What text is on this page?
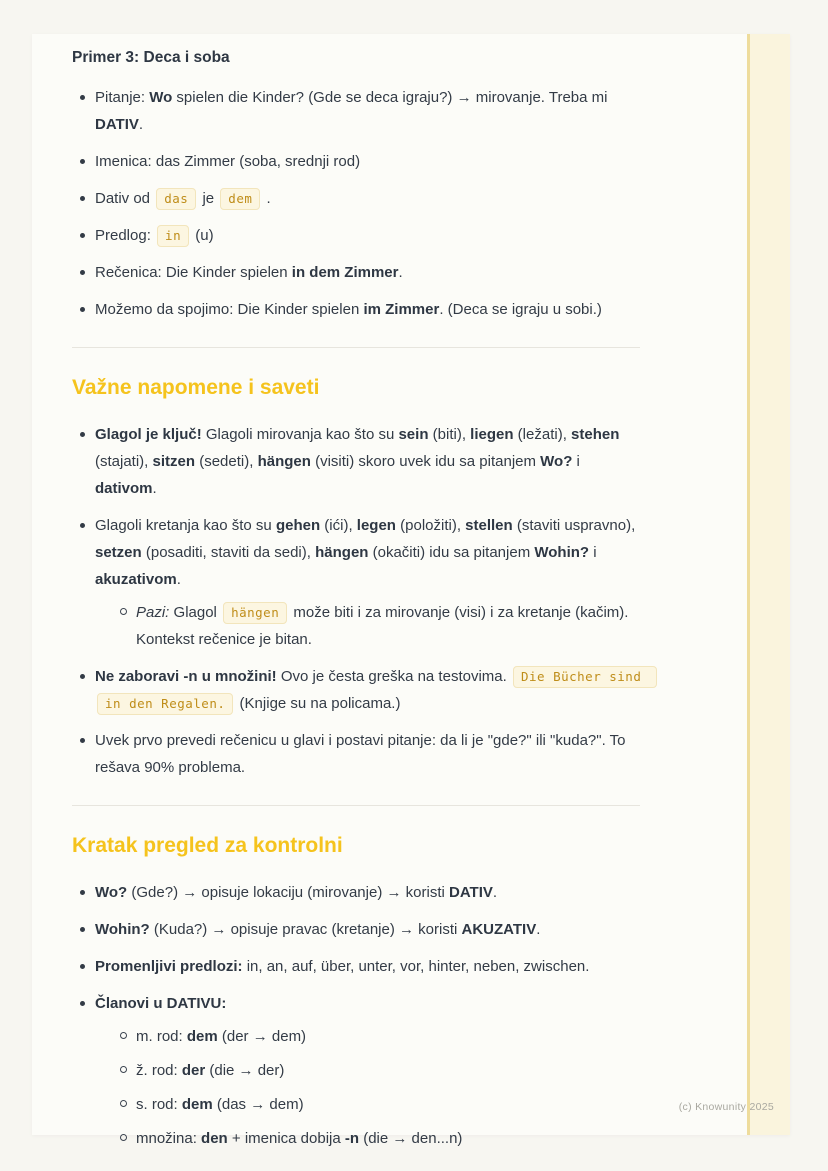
Primer 3: Deca i soba
Pitanje: Wo spielen die Kinder? (Gde se deca igraju?) → mirovanje. Treba mi DATIV.
Imenica: das Zimmer (soba, srednji rod)
Dativ od das je dem .
Predlog: in (u)
Rečenica: Die Kinder spielen in dem Zimmer.
Možemo da spojimo: Die Kinder spielen im Zimmer. (Deca se igraju u sobi.)
Važne napomene i saveti
Glagol je ključ! Glagoli mirovanja kao što su sein (biti), liegen (ležati), stehen (stajati), sitzen (sedeti), hängen (visiti) skoro uvek idu sa pitanjem Wo? i dativom.
Glagoli kretanja kao što su gehen (ići), legen (položiti), stellen (staviti uspravno), setzen (posaditi, staviti da sedi), hängen (okačiti) idu sa pitanjem Wohin? i akuzativom.
Pazi: Glagol hängen može biti i za mirovanje (visi) i za kretanje (kačim). Kontekst rečenice je bitan.
Ne zaboravi -n u množini! Ovo je česta greška na testovima. Die Bücher sind in den Regalen. (Knjige su na policama.)
Uvek prvo prevedi rečenicu u glavi i postavi pitanje: da li je "gde?" ili "kuda?". To rešava 90% problema.
Kratak pregled za kontrolni
Wo? (Gde?) → opisuje lokaciju (mirovanje) → koristi DATIV.
Wohin? (Kuda?) → opisuje pravac (kretanje) → koristi AKUZATIV.
Promenljivi predlozi: in, an, auf, über, unter, vor, hinter, neben, zwischen.
Članovi u DATIVU:
m. rod: dem (der → dem)
ž. rod: der (die → der)
s. rod: dem (das → dem)
množina: den + imenica dobija -n (die → den...n)
(c) Knowunity 2025
